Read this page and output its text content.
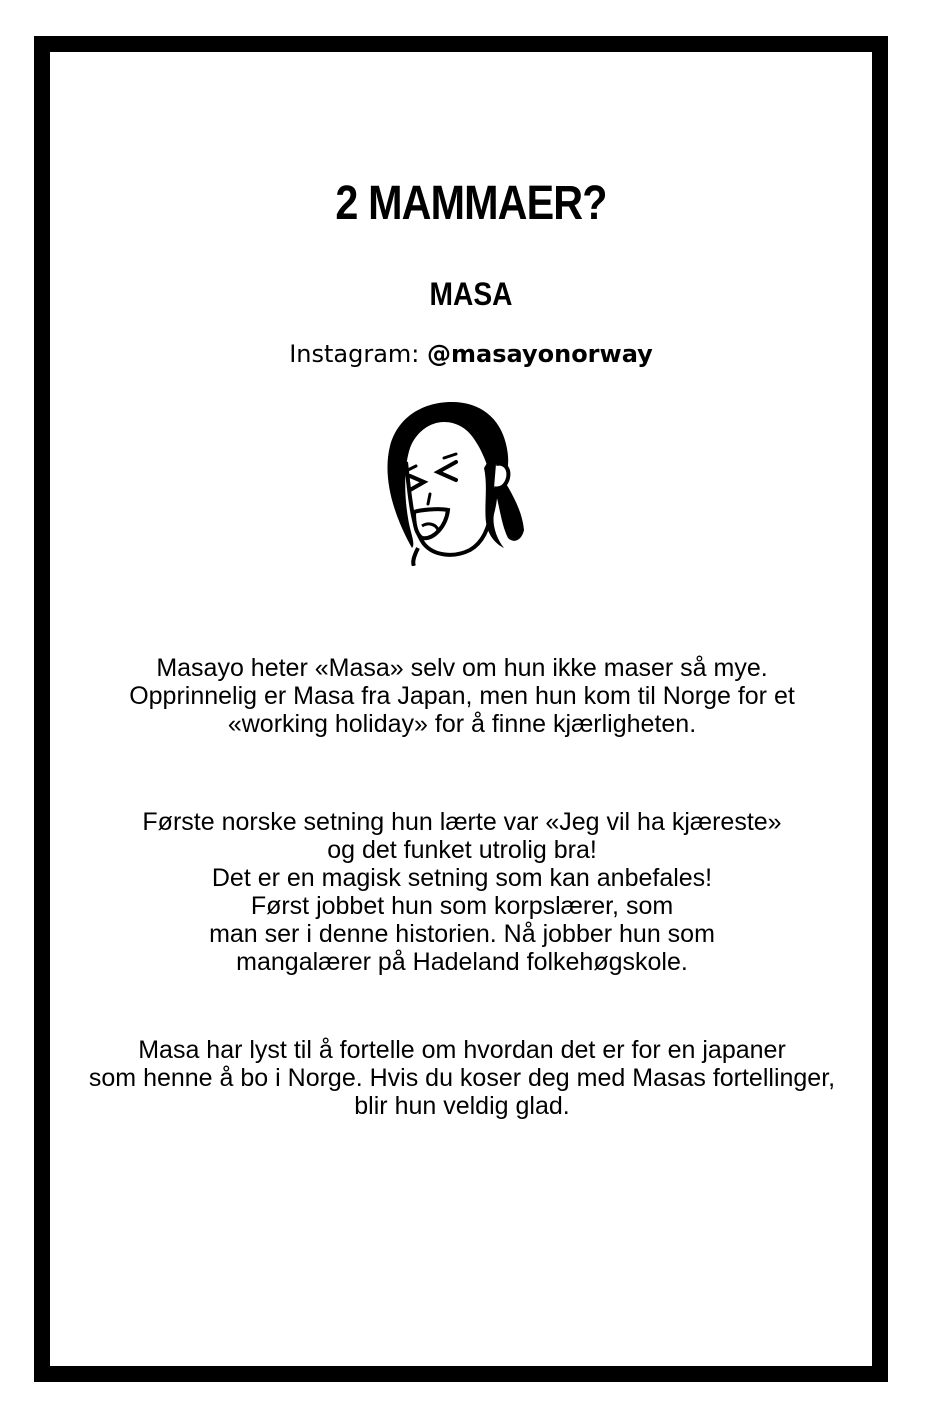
2 MAMMAER?
MASA
Instagram: @masayonorway

Masayo heter «Masa» selv om hun ikke maser så mye.
Opprinnelig er Masa fra Japan, men hun kom til Norge for et
«working holiday» for å finne kjærligheten.

Første norske setning hun lærte var «Jeg vil ha kjæreste»
og det funket utrolig bra!
Det er en magisk setning som kan anbefales!
Først jobbet hun som korpslærer, som
man ser i denne historien. Nå jobber hun som
mangalærer på Hadeland folkehøgskole.

Masa har lyst til å fortelle om hvordan det er for en japaner
som henne å bo i Norge. Hvis du koser deg med Masas fortellinger,
blir hun veldig glad.
